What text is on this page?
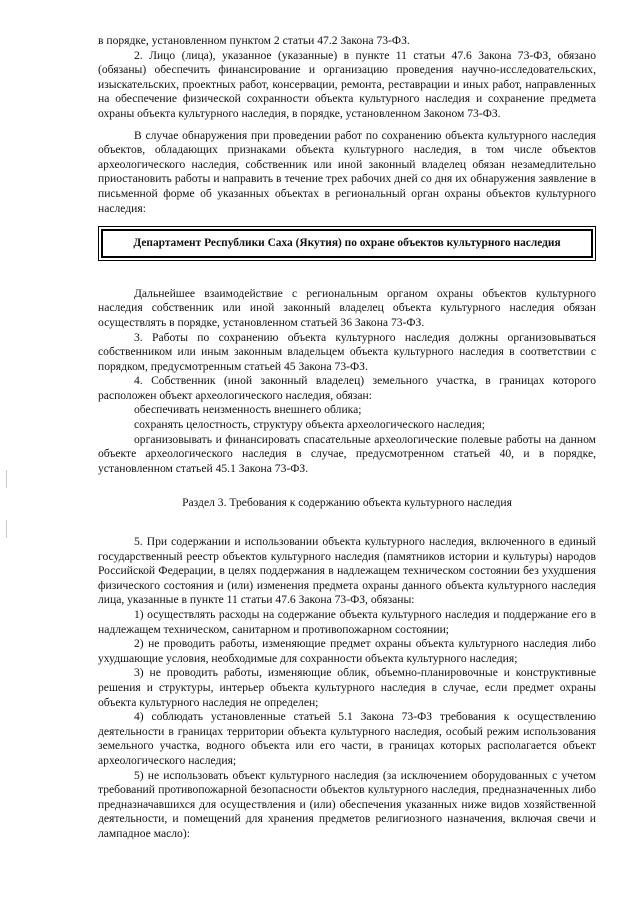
в порядке, установленном пунктом 2 статьи 47.2 Закона 73-ФЗ.

2. Лицо (лица), указанное (указанные) в пункте 11 статьи 47.6 Закона 73-ФЗ, обязано (обязаны) обеспечить финансирование и организацию проведения научно-исследовательских, изыскательских, проектных работ, консервации, ремонта, реставрации и иных работ, направленных на обеспечение физической сохранности объекта культурного наследия и сохранение предмета охраны объекта культурного наследия, в порядке, установленном Законом 73-ФЗ.

В случае обнаружения при проведении работ по сохранению объекта культурного наследия объектов, обладающих признаками объекта культурного наследия, в том числе объектов археологического наследия, собственник или иной законный владелец обязан незамедлительно приостановить работы и направить в течение трех рабочих дней со дня их обнаружения заявление в письменной форме об указанных объектах в региональный орган охраны объектов культурного наследия:

Департамент Республики Саха (Якутия) по охране объектов культурного наследия

Дальнейшее взаимодействие с региональным органом охраны объектов культурного наследия собственник или иной законный владелец объекта культурного наследия обязан осуществлять в порядке, установленном статьей 36 Закона 73-ФЗ.

3. Работы по сохранению объекта культурного наследия должны организовываться собственником или иным законным владельцем объекта культурного наследия в соответствии с порядком, предусмотренным статьей 45 Закона 73-ФЗ.

4. Собственник (иной законный владелец) земельного участка, в границах которого расположен объект археологического наследия, обязан:

обеспечивать неизменность внешнего облика;

сохранять целостность, структуру объекта археологического наследия;

организовывать и финансировать спасательные археологические полевые работы на данном объекте археологического наследия в случае, предусмотренном статьей 40, и в порядке, установленном статьей 45.1 Закона 73-ФЗ.

Раздел 3. Требования к содержанию объекта культурного наследия

5. При содержании и использовании объекта культурного наследия, включенного в единый государственный реестр объектов культурного наследия (памятников истории и культуры) народов Российской Федерации, в целях поддержания в надлежащем техническом состоянии без ухудшения физического состояния и (или) изменения предмета охраны данного объекта культурного наследия лица, указанные в пункте 11 статьи 47.6 Закона 73-ФЗ, обязаны:

1) осуществлять расходы на содержание объекта культурного наследия и поддержание его в надлежащем техническом, санитарном и противопожарном состоянии;

2) не проводить работы, изменяющие предмет охраны объекта культурного наследия либо ухудшающие условия, необходимые для сохранности объекта культурного наследия;

3) не проводить работы, изменяющие облик, объемно-планировочные и конструктивные решения и структуры, интерьер объекта культурного наследия в случае, если предмет охраны объекта культурного наследия не определен;

4) соблюдать установленные статьей 5.1 Закона 73-ФЗ требования к осуществлению деятельности в границах территории объекта культурного наследия, особый режим использования земельного участка, водного объекта или его части, в границах которых располагается объект археологического наследия;

5) не использовать объект культурного наследия (за исключением оборудованных с учетом требований противопожарной безопасности объектов культурного наследия, предназначенных либо предназначавшихся для осуществления и (или) обеспечения указанных ниже видов хозяйственной деятельности, и помещений для хранения предметов религиозного назначения, включая свечи и лампадное масло):
